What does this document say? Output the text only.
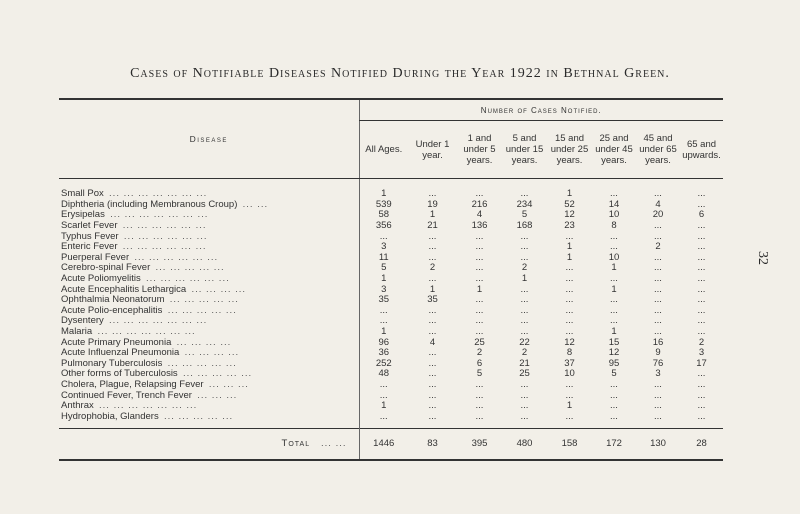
Cases of Notifiable Diseases Notified During the Year 1922 in Bethnal Green.
32
Disease	Number of Cases Notified.							
	All Ages.	Under 1 year.	1 and under 5 years.	5 and under 15 years.	15 and under 25 years.	25 and under 45 years.	45 and under 65 years.	65 and upwards.
Small Pox ... ... ... ... ... ... ...	1	...	...	...	1	...	...	...
Diphtheria (including Membranous Croup) ... ...	539	19	216	234	52	14	4	...
Erysipelas ... ... ... ... ... ... ...	58	1	4	5	12	10	20	6
Scarlet Fever ... ... ... ... ... ...	356	21	136	168	23	8	...	...
Typhus Fever ... ... ... ... ... ...	...	...	...	...	...	...	...	...
Enteric Fever ... ... ... ... ... ...	3	...	...	...	1	...	2	...
Puerperal Fever ... ... ... ... ... ...	11	...	...	...	1	10	...	...
Cerebro-spinal Fever ... ... ... ... ...	5	2	...	2	...	1	...	...
Acute Poliomyelitis ... ... ... ... ... ...	1	...	...	1	...	...	...	...
Acute Encephalitis Lethargica ... ... ... ...	3	1	1	...	...	1	...	...
Ophthalmia Neonatorum ... ... ... ... ...	35	35	...	...	...	...	...	...
Acute Polio-encephalitis ... ... ... ... ...	...	...	...	...	...	...	...	...
Dysentery ... ... ... ... ... ... ...	...	...	...	...	...	...	...	...
Malaria ... ... ... ... ... ... ...	1	...	...	...	...	1	...	...
Acute Primary Pneumonia ... ... ... ...	96	4	25	22	12	15	16	2
Acute Influenzal Pneumonia ... ... ... ...	36	...	2	2	8	12	9	3
Pulmonary Tuberculosis ... ... ... ... ...	252	...	6	21	37	95	76	17
Other forms of Tuberculosis ... ... ... ... ...	48	...	5	25	10	5	3	...
Cholera, Plague, Relapsing Fever ... ... ...	...	...	...	...	...	...	...	...
Continued Fever, Trench Fever ... ... ...	...	...	...	...	...	...	...	...
Anthrax ... ... ... ... ... ... ...	1	...	...	...	1	...	...	...
Hydrophobia, Glanders ... ... ... ... ...	...	...	...	...	...	...	...	...
Total ... ...	1446	83	395	480	158	172	130	28
